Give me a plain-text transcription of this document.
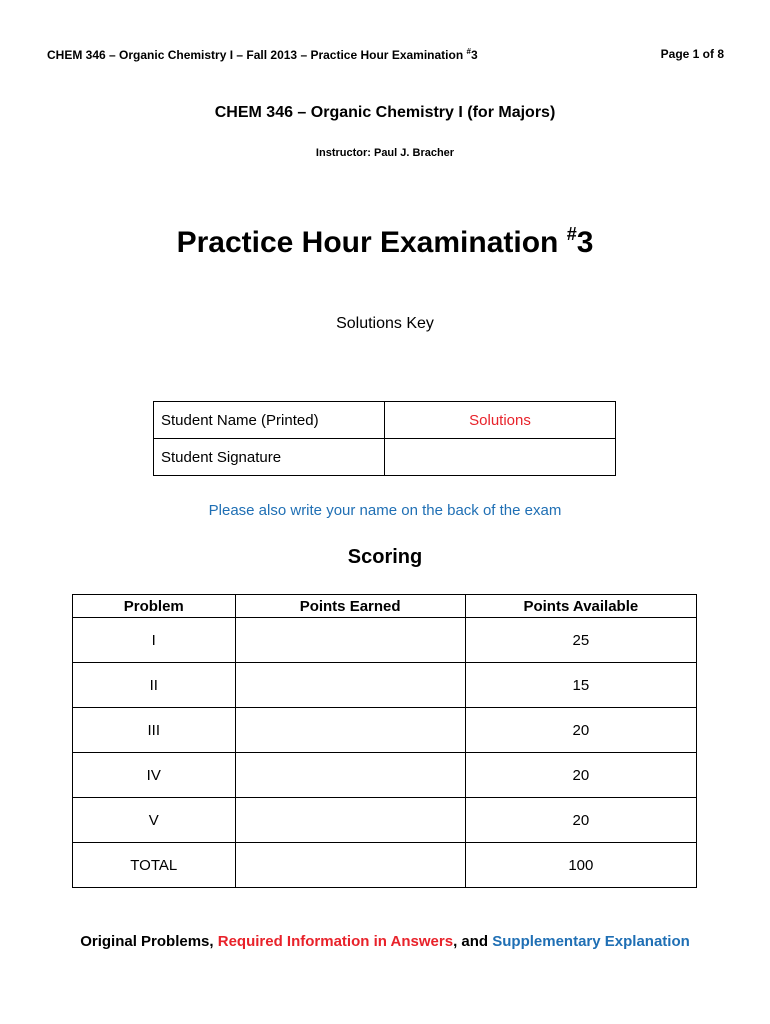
CHEM 346 – Organic Chemistry I – Fall 2013 – Practice Hour Examination #3	Page 1 of 8
CHEM 346 – Organic Chemistry I (for Majors)
Instructor: Paul J. Bracher
Practice Hour Examination #3
Solutions Key
Student Name (Printed)	Solutions
Student Signature	
Please also write your name on the back of the exam
Scoring
Problem	Points Earned	Points Available
I		25
II		15
III		20
IV		20
V		20
TOTAL		100
Original Problems, Required Information in Answers, and Supplementary Explanation
